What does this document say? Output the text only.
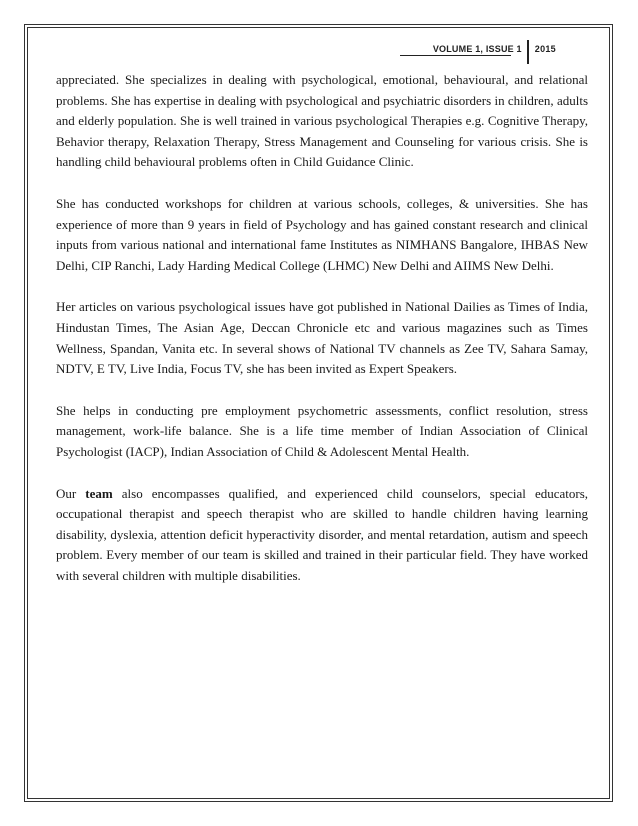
VOLUME 1, ISSUE 1	2015

appreciated. She specializes in dealing with psychological, emotional, behavioural, and relational problems. She has expertise in dealing with psychological and psychiatric disorders in children, adults and elderly population. She is well trained in various psychological Therapies e.g. Cognitive Therapy, Behavior therapy, Relaxation Therapy, Stress Management and Counseling for various crisis. She is handling child behavioural problems often in Child Guidance Clinic.

She has conducted workshops for children at various schools, colleges, & universities. She has experience of more than 9 years in field of Psychology and has gained constant research and clinical inputs from various national and international fame Institutes as NIMHANS Bangalore, IHBAS New Delhi, CIP Ranchi, Lady Harding Medical College (LHMC) New Delhi and AIIMS New Delhi.

Her articles on various psychological issues have got published in National Dailies as Times of India, Hindustan Times, The Asian Age, Deccan Chronicle etc and various magazines such as Times Wellness, Spandan, Vanita etc. In several shows of National TV channels as Zee TV, Sahara Samay, NDTV, E TV, Live India, Focus TV, she has been invited as Expert Speakers.

She helps in conducting pre employment psychometric assessments, conflict resolution, stress management, work-life balance. She is a life time member of Indian Association of Clinical Psychologist (IACP), Indian Association of Child & Adolescent Mental Health.

Our team also encompasses qualified, and experienced child counselors, special educators, occupational therapist and speech therapist who are skilled to handle children having learning disability, dyslexia, attention deficit hyperactivity disorder, and mental retardation, autism and speech problem. Every member of our team is skilled and trained in their particular field. They have worked with several children with multiple disabilities.
